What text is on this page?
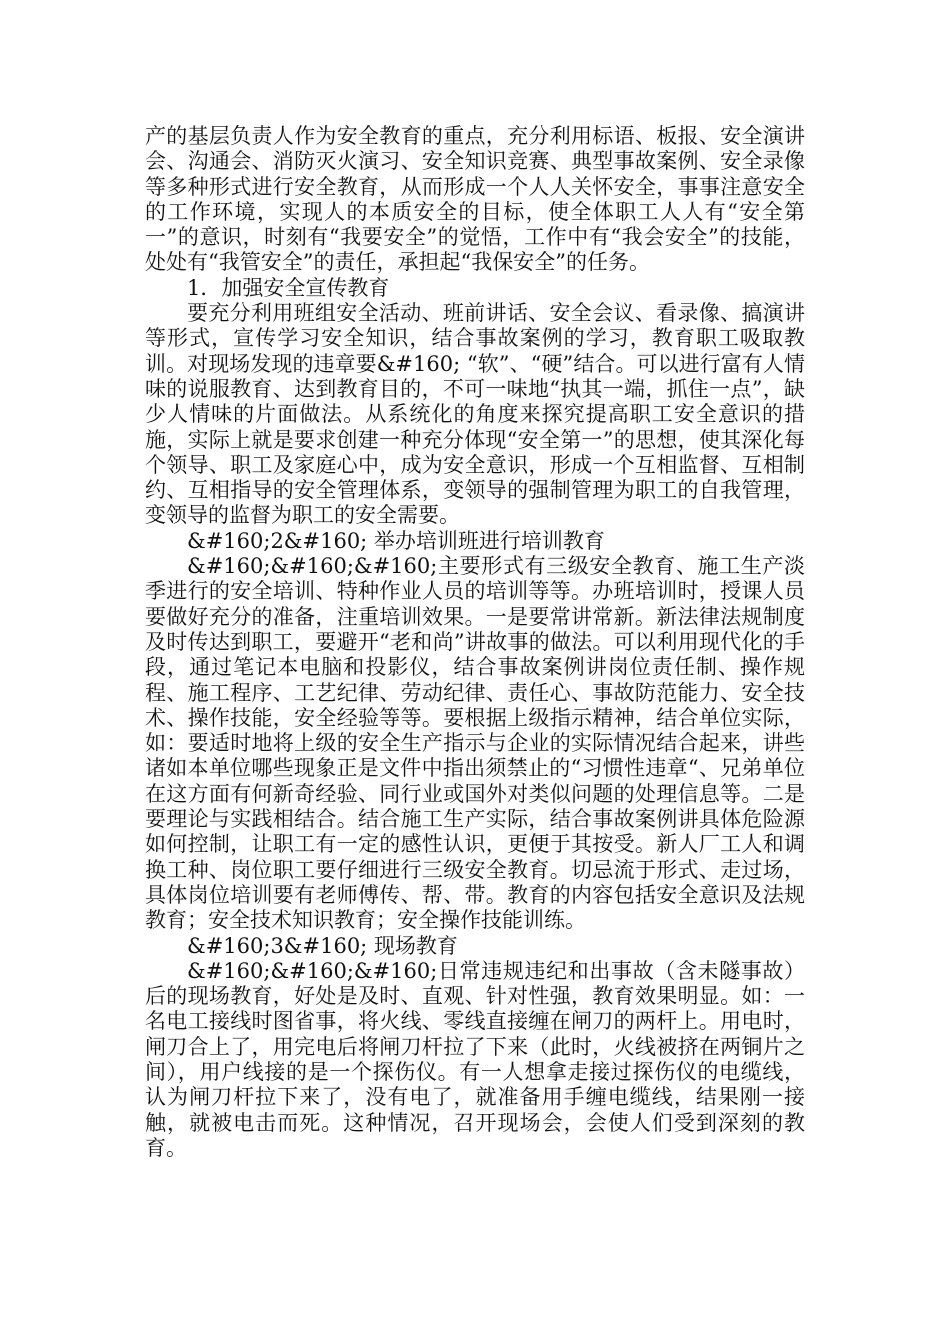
产的基层负责人作为安全教育的重点，充分利用标语、板报、安全演讲会、沟通会、消防灭火演习、安全知识竞赛、典型事故案例、安全录像等多种形式进行安全教育，从而形成一个人人关怀安全，事事注意安全的工作环境，实现人的本质安全的目标，使全体职工人人有“安全第一”的意识，时刻有“我要安全”的觉悟，工作中有“我会安全”的技能，处处有“我管安全”的责任，承担起“我保安全”的任务。

1．加强安全宣传教育

要充分利用班组安全活动、班前讲话、安全会议、看录像、搞演讲等形式，宣传学习安全知识，结合事故案例的学习，教育职工吸取教训。对现场发现的违章要&#160; “软”、“硬”结合。可以进行富有人情味的说服教育、达到教育目的，不可一味地“执其一端，抓住一点”，缺少人情味的片面做法。从系统化的角度来探究提高职工安全意识的措施，实际上就是要求创建一种充分体现“安全第一”的思想，使其深化每个领导、职工及家庭心中，成为安全意识，形成一个互相监督、互相制约、互相指导的安全管理体系，变领导的强制管理为职工的自我管理，变领导的监督为职工的安全需要。

&#160;2&#160; 举办培训班进行培训教育

&#160;&#160;&#160;主要形式有三级安全教育、施工生产淡季进行的安全培训、特种作业人员的培训等等。办班培训时，授课人员要做好充分的准备，注重培训效果。一是要常讲常新。新法律法规制度及时传达到职工，要避开“老和尚”讲故事的做法。可以利用现代化的手段，通过笔记本电脑和投影仪，结合事故案例讲岗位责任制、操作规程、施工程序、工艺纪律、劳动纪律、责任心、事故防范能力、安全技术、操作技能，安全经验等等。要根据上级指示精神，结合单位实际，如：要适时地将上级的安全生产指示与企业的实际情况结合起来，讲些诸如本单位哪些现象正是文件中指出须禁止的“习惯性违章“、兄弟单位在这方面有何新奇经验、同行业或国外对类似问题的处理信息等。二是要理论与实践相结合。结合施工生产实际，结合事故案例讲具体危险源如何控制，让职工有一定的感性认识，更便于其按受。新人厂工人和调换工种、岗位职工要仔细进行三级安全教育。切忌流于形式、走过场，具体岗位培训要有老师傅传、帮、带。教育的内容包括安全意识及法规教育；安全技术知识教育；安全操作技能训练。

&#160;3&#160; 现场教育

&#160;&#160;&#160;日常违规违纪和出事故（含未隧事故）后的现场教育，好处是及时、直观、针对性强，教育效果明显。如：一名电工接线时图省事，将火线、零线直接缠在闸刀的两杆上。用电时，闸刀合上了，用完电后将闸刀杆拉了下来（此时，火线被挤在两铜片之间），用户线接的是一个探伤仪。有一人想拿走接过探伤仪的电缆线，认为闸刀杆拉下来了，没有电了，就准备用手缠电缆线，结果刚一接触，就被电击而死。这种情况，召开现场会，会使人们受到深刻的教育。
